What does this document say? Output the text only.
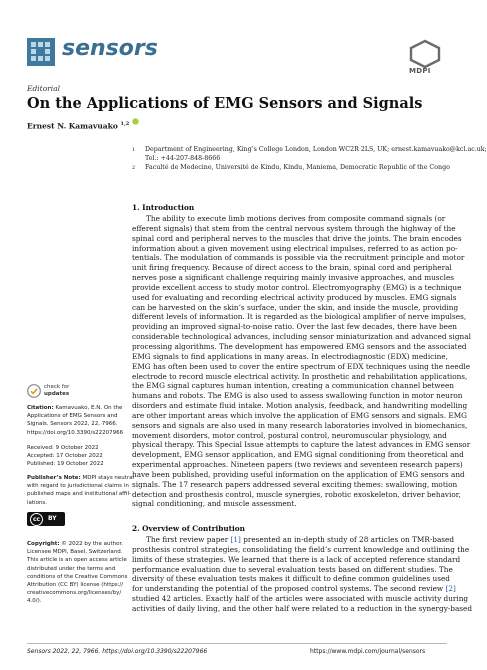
sensors
MDPI
Editorial
On the Applications of EMG Sensors and Signals
Ernest N. Kamavuako $^{1,2}$
$^1$ Department of Engineering, King’s College London, London WC2R 2LS, UK; ernest.kamavuako@kcl.ac.uk;
Tel.: +44-207-848-8666
$^2$ Faculté de Medecine, Université de Kindu, Kindu, Maniema, Democratic Republic of the Congo
1. Introduction
The ability to execute limb motions derives from composite command signals (or
efferent signals) that stem from the central nervous system through the highway of the
spinal cord and peripheral nerves to the muscles that drive the joints. The brain encodes
information about a given movement using electrical impulses, referred to as action po-
tentials. The modulation of commands is possible via the recruitment principle and motor
unit firing frequency. Because of direct access to the brain, spinal cord and peripheral
nerves pose a significant challenge requiring mainly invasive approaches, and muscles
provide excellent access to study motor control. Electromyography (EMG) is a technique
used for evaluating and recording electrical activity produced by muscles. EMG signals
can be harvested on the skin’s surface, under the skin, and inside the muscle, providing
different levels of information. It is regarded as the biological amplifier of nerve impulses,
providing an improved signal-to-noise ratio. Over the last few decades, there have been
considerable technological advances, including sensor miniaturization and advanced signal
processing algorithms. The development has empowered EMG sensors and the associated
EMG signals to find applications in many areas. In electrodiagnostic (EDX) medicine,
EMG has often been used to cover the entire spectrum of EDX techniques using the needle
electrode to record muscle electrical activity. In prosthetic and rehabilitation applications,
the EMG signal captures human intention, creating a communication channel between
humans and robots. The EMG is also used to assess swallowing function in motor neuron
disorders and estimate fluid intake. Motion analysis, feedback, and handwriting modelling
are other important areas which involve the application of EMG sensors and signals. EMG
sensors and signals are also used in many research laboratories involved in biomechanics,
movement disorders, motor control, postural control, neuromuscular physiology, and
physical therapy. This Special Issue attempts to capture the latest advances in EMG sensor
development, EMG sensor application, and EMG signal conditioning from theoretical and
experimental approaches. Nineteen papers (two reviews and seventeen research papers)
have been published, providing useful information on the application of EMG sensors and
signals. The 17 research papers addressed several exciting themes: swallowing, motion
detection and prosthesis control, muscle synergies, robotic exoskeleton, driver behavior,
signal conditioning, and muscle assessment.
2. Overview of Contribution
The first review paper [1] presented an in-depth study of 28 articles on TMR-based
prosthesis control strategies, consolidating the field’s current knowledge and outlining the
limits of these strategies. We learned that there is a lack of accepted reference standard
performance evaluation due to several evaluation tests based on different studies. The
diversity of these evaluation tests makes it difficult to define common guidelines used
for understanding the potential of the proposed control systems. The second review [2]
studied 42 articles. Exactly half of the articles were associated with muscle activity during
activities of daily living, and the other half were related to a reduction in the synergy-based
check for
updates
Citation: Kamavuako, E.N. On the
Applications of EMG Sensors and
Signals. Sensors 2022, 22, 7966.
https://doi.org/10.3390/s22207966
Received: 9 October 2022
Accepted: 17 October 2022
Published: 19 October 2022
Publisher’s Note: MDPI stays neutral
with regard to jurisdictional claims in
published maps and institutional affil-
iations.
cc	BY
Copyright: © 2022 by the author.
Licensee MDPI, Basel, Switzerland.
This article is an open access article
distributed under the terms and
conditions of the Creative Commons
Attribution (CC BY) license (https://
creativecommons.org/licenses/by/
4.0/).
Sensors 2022, 22, 7966. https://doi.org/10.3390/s22207966	https://www.mdpi.com/journal/sensors
